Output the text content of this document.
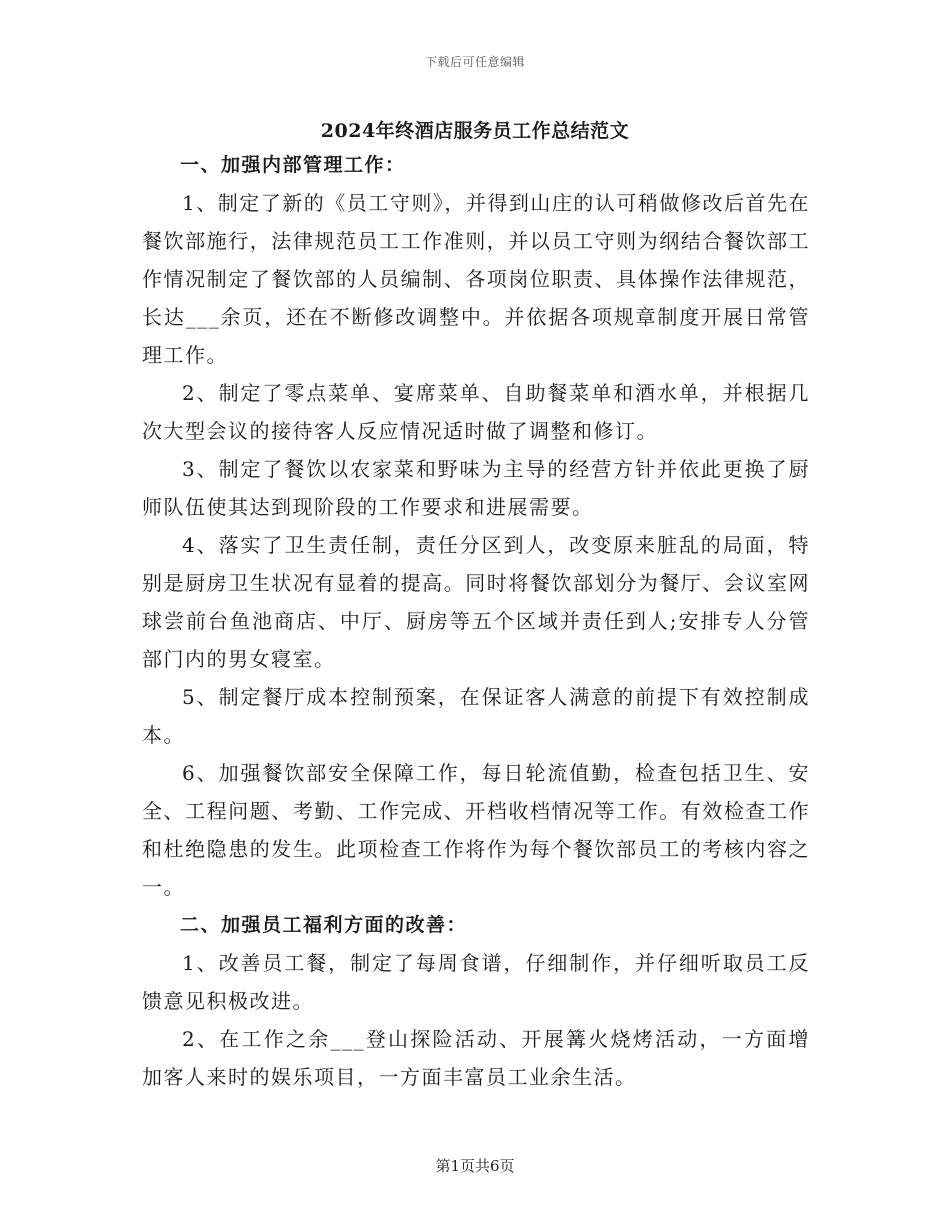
下载后可任意编辑
2024年终酒店服务员工作总结范文

一、加强内部管理工作：

1、制定了新的《员工守则》，并得到山庄的认可稍做修改后首先在餐饮部施行，法律规范员工工作准则，并以员工守则为纲结合餐饮部工作情况制定了餐饮部的人员编制、各项岗位职责、具体操作法律规范，长达___余页，还在不断修改调整中。并依据各项规章制度开展日常管理工作。

2、制定了零点菜单、宴席菜单、自助餐菜单和酒水单，并根据几次大型会议的接待客人反应情况适时做了调整和修订。

3、制定了餐饮以农家菜和野味为主导的经营方针并依此更换了厨师队伍使其达到现阶段的工作要求和进展需要。

4、落实了卫生责任制，责任分区到人，改变原来脏乱的局面，特别是厨房卫生状况有显着的提高。同时将餐饮部划分为餐厅、会议室网球尝前台鱼池商店、中厅、厨房等五个区域并责任到人;安排专人分管部门内的男女寝室。

5、制定餐厅成本控制预案，在保证客人满意的前提下有效控制成本。

6、加强餐饮部安全保障工作，每日轮流值勤，检查包括卫生、安全、工程问题、考勤、工作完成、开档收档情况等工作。有效检查工作和杜绝隐患的发生。此项检查工作将作为每个餐饮部员工的考核内容之一。

二、加强员工福利方面的改善：

1、改善员工餐，制定了每周食谱，仔细制作，并仔细听取员工反馈意见积极改进。

2、在工作之余___登山探险活动、开展篝火烧烤活动，一方面增加客人来时的娱乐项目，一方面丰富员工业余生活。

第1页共6页
